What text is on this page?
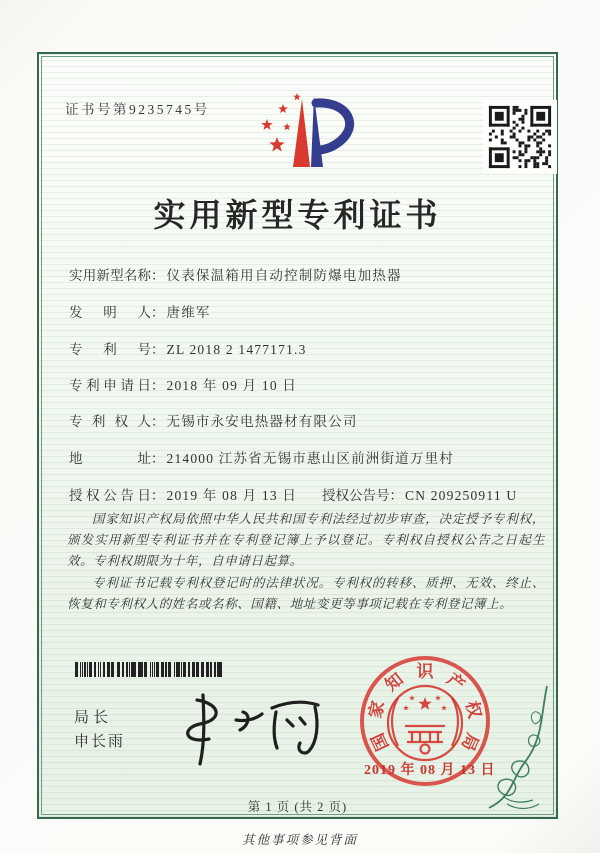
证书号第9235745号
实用新型专利证书
实用新型名称： 仪表保温箱用自动控制防爆电加热器
发明人： 唐维军
专利号： ZL 2018 2 1477171.3
专利申请日： 2018 年 09 月 10 日
专利权人： 无锡市永安电热器材有限公司
地址： 214000 江苏省无锡市惠山区前洲街道万里村
授权公告日： 2019 年 08 月 13 日 授权公告号： CN 209250911 U

国家知识产权局依照中华人民共和国专利法经过初步审查，决定授予专利权，颁发实用新型专利证书并在专利登记簿上予以登记。专利权自授权公告之日起生效。专利权期限为十年，自申请日起算。

专利证书记载专利权登记时的法律状况。专利权的转移、质押、无效、终止、恢复和专利权人的姓名或名称、国籍、地址变更等事项记载在专利登记簿上。

局长
申长雨	国
家
知 识 产
权
局
2019 年 08 月 13 日
第 1 页 (共 2 页)
其他事项参见背面
